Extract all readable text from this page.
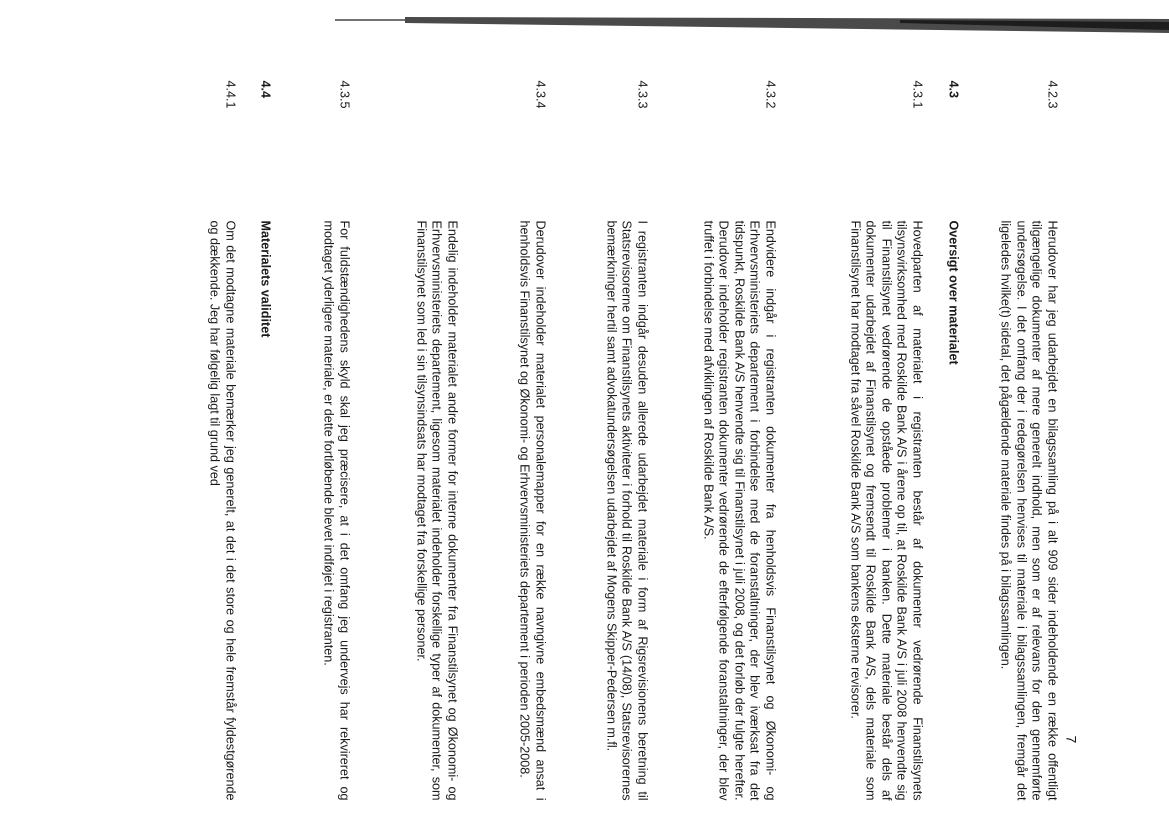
7
4.2.3

Herudover har jeg udarbejdet en bilagssamling på i alt 909 sider indeholdende en række offentligt tilgængelige dokumenter af mere generelt indhold, men som er af relevans for den gennemførte undersøgelse. I det omfang der i redegørelsen henvises til materiale i bilagssamlingen, fremgår det ligeledes hvilke(t) sidetal, det pågældende materiale findes på i bilagssamlingen.

4.3

Oversigt over materialet

4.3.1

Hovedparten af materialet i registranten består af dokumenter vedrørende Finanstilsynets tilsynsvirksomhed med Roskilde Bank A/S i årene op til, at Roskilde Bank A/S i juli 2008 henvendte sig til Finanstilsynet vedrørende de opståede problemer i banken. Dette materiale består dels af dokumenter udarbejdet af Finanstilsynet og fremsendt til Roskilde Bank A/S, dels materiale som Finanstilsynet har modtaget fra såvel Roskilde Bank A/S som bankens eksterne revisorer.

4.3.2

Endvidere indgår i registranten dokumenter fra henholdsvis Finanstilsynet og Økonomi- og Erhvervsministeriets departement i forbindelse med de foranstaltninger, der blev iværksat fra det tidspunkt, Roskilde Bank A/S henvendte sig til Finanstilsynet i juli 2008, og det forløb der fulgte herefter. Derudover indeholder registranten dokumenter vedrørende de efterfølgende foranstaltninger, der blev truffet i forbindelse med afviklingen af Roskilde Bank A/S.

4.3.3

I registranten indgår desuden allerede udarbejdet materiale i form af Rigsrevisionens beretning til Statsrevisorerne om Finanstilsynets aktiviteter i forhold til Roskilde Bank A/S (14/08), Statsrevisorernes bemærkninger hertil samt advokatundersøgelsen udarbejdet af Mogens Skipper-Pedersen m.fl.

4.3.4

Derudover indeholder materialet personalemapper for en række navngivne embedsmænd ansat i henholdsvis Finanstilsynet og Økonomi- og Erhvervsministeriets departement i perioden 2005-2008.

Endelig indeholder materialet andre former for interne dokumenter fra Finanstilsynet og Økonomi- og Erhvervsministeriets departement, ligesom materialet indeholder forskellige typer af dokumenter, som Finanstilsynet som led i sin tilsynsindsats har modtaget fra forskellige personer.

4.3.5

For fuldstændighedens skyld skal jeg præcisere, at i det omfang jeg undervejs har rekvireret og modtaget yderligere materiale, er dette fortløbende blevet indføjet i registranten.

4.4

Materialets validitet

4.4.1

Om det modtagne materiale bemærker jeg generelt, at det i det store og hele fremstår fyldestgørende og dækkende. Jeg har følgelig lagt til grund ved
